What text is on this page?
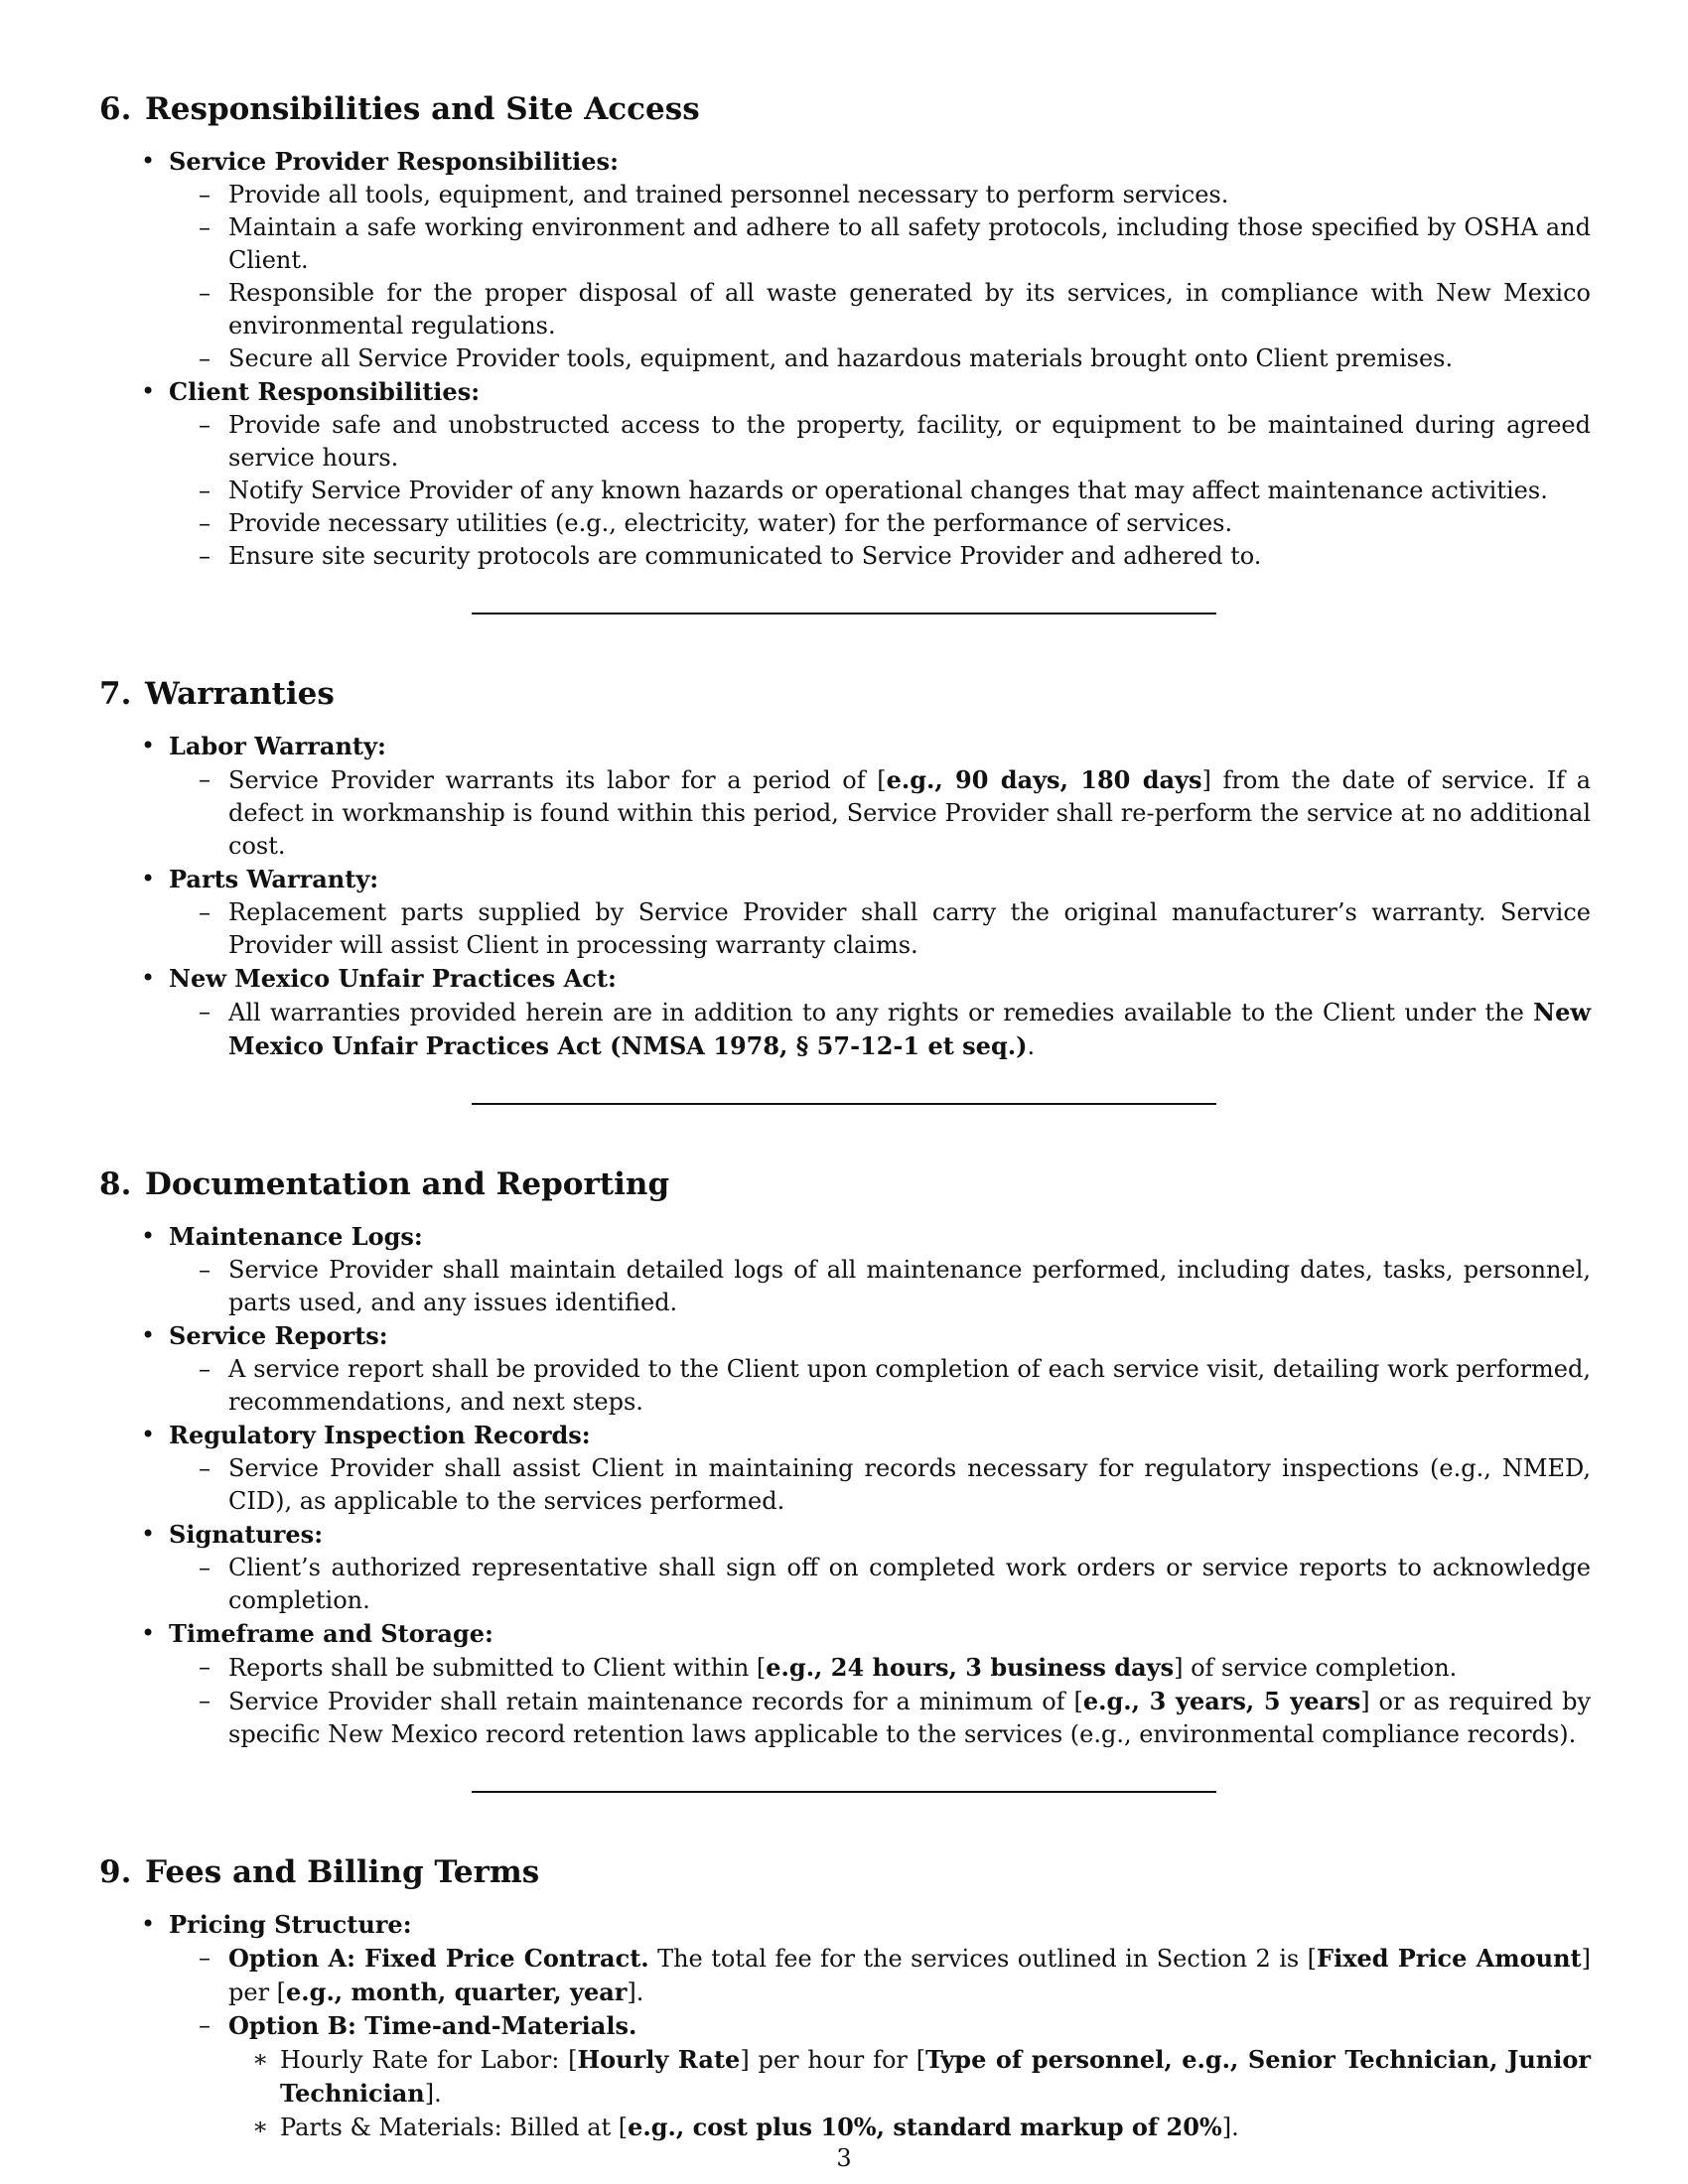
6. Responsibilities and Site Access
• Service Provider Responsibilities:
– Provide all tools, equipment, and trained personnel necessary to perform services.
– Maintain a safe working environment and adhere to all safety protocols, including those specified by OSHA and Client.
– Responsible for the proper disposal of all waste generated by its services, in compliance with New Mexico environmental regulations.
– Secure all Service Provider tools, equipment, and hazardous materials brought onto Client premises.
• Client Responsibilities:
– Provide safe and unobstructed access to the property, facility, or equipment to be maintained during agreed service hours.
– Notify Service Provider of any known hazards or operational changes that may affect maintenance activities.
– Provide necessary utilities (e.g., electricity, water) for the performance of services.
– Ensure site security protocols are communicated to Service Provider and adhered to.
7. Warranties
• Labor Warranty:
– Service Provider warrants its labor for a period of [e.g., 90 days, 180 days] from the date of service. If a defect in workmanship is found within this period, Service Provider shall re-perform the service at no additional cost.
• Parts Warranty:
– Replacement parts supplied by Service Provider shall carry the original manufacturer’s warranty. Service Provider will assist Client in processing warranty claims.
• New Mexico Unfair Practices Act:
– All warranties provided herein are in addition to any rights or remedies available to the Client under the New Mexico Unfair Practices Act (NMSA 1978, § 57-12-1 et seq.).
8. Documentation and Reporting
• Maintenance Logs:
– Service Provider shall maintain detailed logs of all maintenance performed, including dates, tasks, personnel, parts used, and any issues identified.
• Service Reports:
– A service report shall be provided to the Client upon completion of each service visit, detailing work performed, recommendations, and next steps.
• Regulatory Inspection Records:
– Service Provider shall assist Client in maintaining records necessary for regulatory inspections (e.g., NMED, CID), as applicable to the services performed.
• Signatures:
– Client’s authorized representative shall sign off on completed work orders or service reports to acknowledge completion.
• Timeframe and Storage:
– Reports shall be submitted to Client within [e.g., 24 hours, 3 business days] of service completion.
– Service Provider shall retain maintenance records for a minimum of [e.g., 3 years, 5 years] or as required by specific New Mexico record retention laws applicable to the services (e.g., environmental compliance records).
9. Fees and Billing Terms
• Pricing Structure:
– Option A: Fixed Price Contract. The total fee for the services outlined in Section 2 is [Fixed Price Amount] per [e.g., month, quarter, year].
– Option B: Time-and-Materials.
∗ Hourly Rate for Labor: [Hourly Rate] per hour for [Type of personnel, e.g., Senior Technician, Junior Technician].
∗ Parts & Materials: Billed at [e.g., cost plus 10%, standard markup of 20%].
3
